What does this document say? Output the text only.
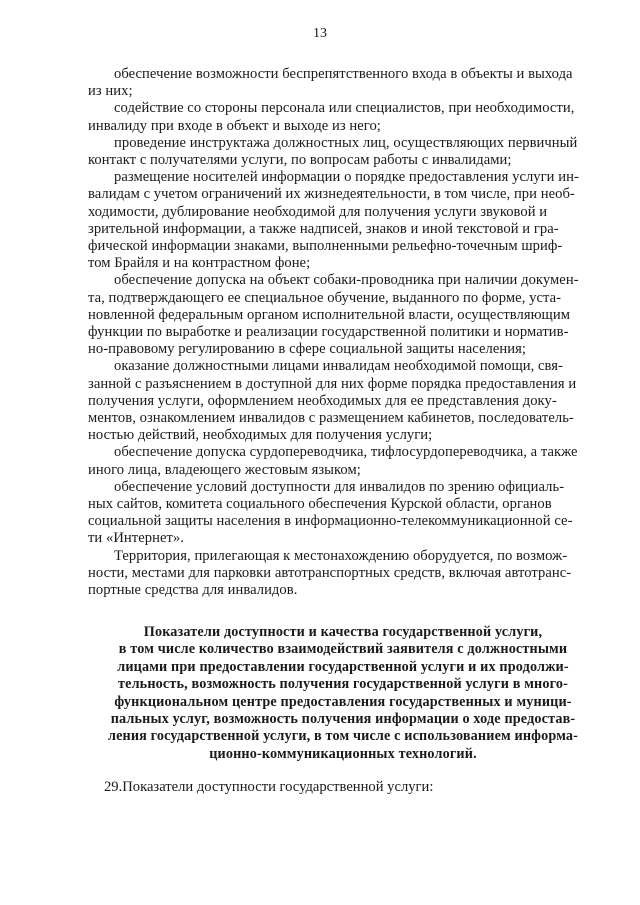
13
обеспечение возможности беспрепятственного входа в объекты и выхода
из них;
содействие со стороны персонала или специалистов, при необходимости,
инвалиду при входе в объект и выходе из него;
проведение инструктажа должностных лиц, осуществляющих первичный
контакт с получателями услуги, по вопросам работы с инвалидами;
размещение носителей информации о порядке предоставления услуги ин-
валидам с учетом ограничений их жизнедеятельности, в том числе, при необ-
ходимости, дублирование необходимой для получения услуги звуковой и
зрительной информации, а также надписей, знаков и иной текстовой и гра-
фической информации знаками, выполненными рельефно-точечным шриф-
том Брайля и на контрастном фоне;
обеспечение допуска на объект собаки-проводника при наличии докумен-
та, подтверждающего ее специальное обучение, выданного по форме, уста-
новленной федеральным органом исполнительной власти, осуществляющим
функции по выработке и реализации государственной политики и норматив-
но-правовому регулированию в сфере социальной защиты населения;
оказание должностными лицами инвалидам необходимой помощи, свя-
занной с разъяснением в доступной для них форме порядка предоставления и
получения услуги, оформлением необходимых для ее представления доку-
ментов, ознакомлением инвалидов с размещением кабинетов, последователь-
ностью действий, необходимых для получения услуги;
обеспечение допуска сурдопереводчика, тифлосурдопереводчика, а также
иного лица, владеющего жестовым языком;
обеспечение условий доступности для инвалидов по зрению официаль-
ных сайтов, комитета социального обеспечения Курской области, органов
социальной защиты населения в информационно-телекоммуникационной се-
ти «Интернет».
Территория, прилегающая к местонахождению оборудуется, по возмож-
ности, местами для парковки автотранспортных средств, включая автотранс-
портные средства для инвалидов.
Показатели доступности и качества государственной услуги,
в том числе количество взаимодействий заявителя с должностными
лицами при предоставлении государственной услуги и их продолжи-
тельность, возможность получения государственной услуги в много-
функциональном центре предоставления государственных и муници-
пальных услуг, возможность получения информации о ходе предостав-
ления государственной услуги, в том числе с использованием информа-
ционно-коммуникационных технологий.
29.Показатели доступности государственной услуги:
